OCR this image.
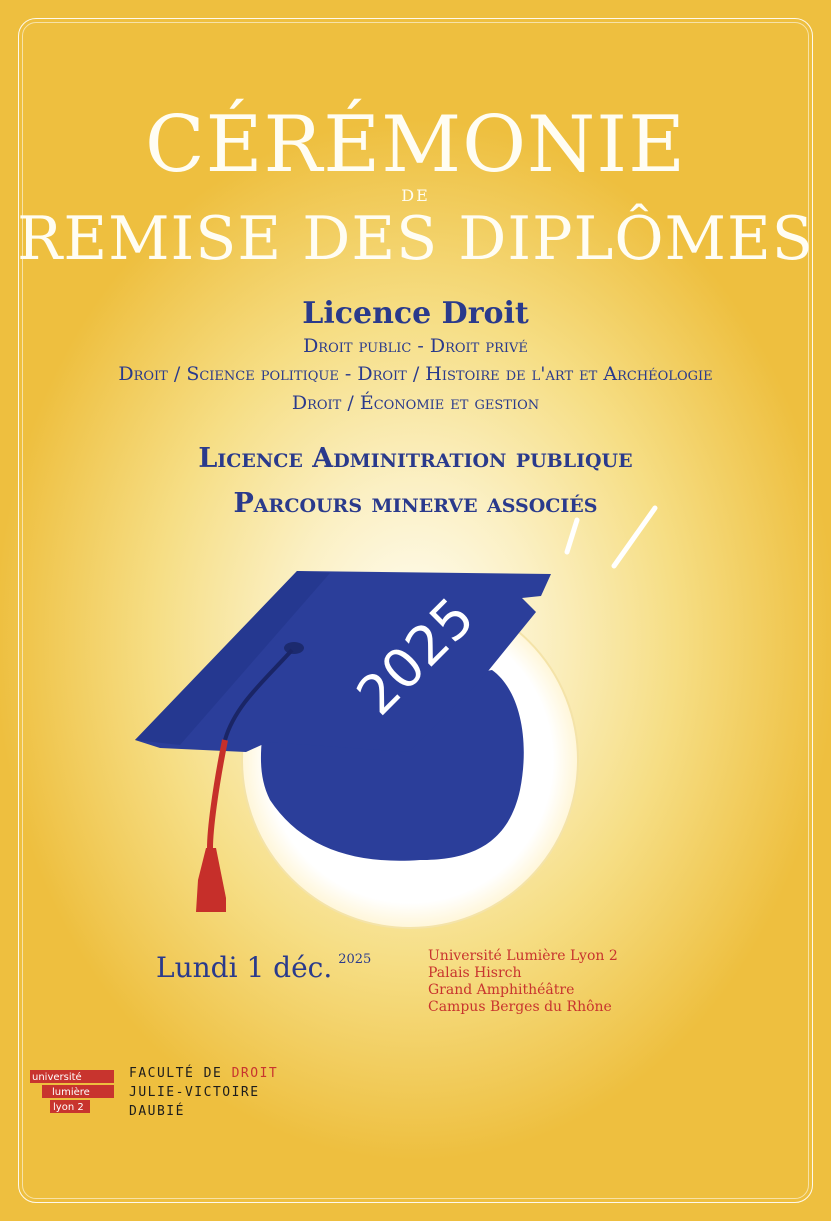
CÉRÉMONIE
DE
REMISE DES DIPLÔMES
Licence Droit
Droit public - Droit privé
Droit / Science politique - Droit / Histoire de l'art et Archéologie
Droit / Économie et gestion
Licence Adminitration publique
Parcours minerve associés
2025
Lundi 1 déc. $^{2025}$	Université Lumière Lyon 2
Palais Hisrch
Grand Amphithéâtre
Campus Berges du Rhône
université
lumière
lyon 2
FACULTÉ DE DROIT
JULIE-VICTOIRE
DAUBIÉ
